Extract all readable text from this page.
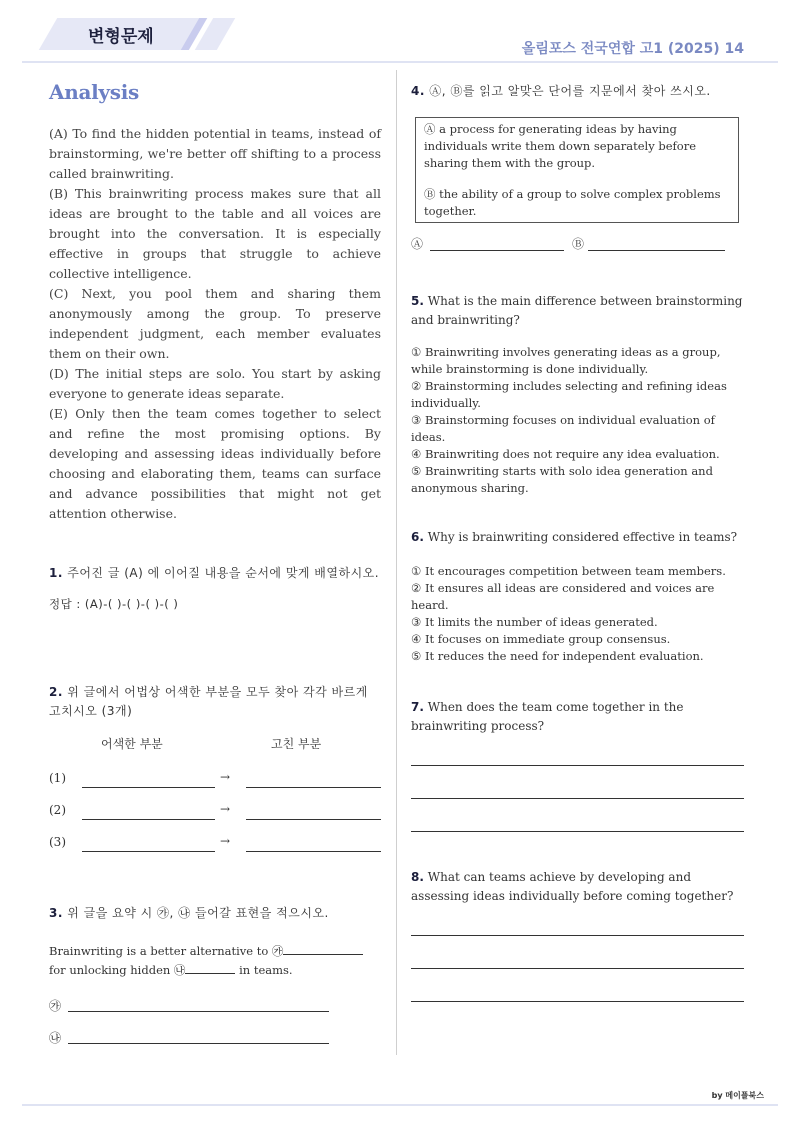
변형문제
올림포스 전국연합 고1 (2025) 14
Analysis

(A) To find the hidden potential in teams, instead of brainstorming, we're better off shifting to a process called brainwriting.

(B) This brainwriting process makes sure that all ideas are brought to the table and all voices are brought into the conversation. It is especially effective in groups that struggle to achieve collective intelligence.

(C) Next, you pool them and sharing them anonymously among the group. To preserve independent judgment, each member evaluates them on their own.

(D) The initial steps are solo. You start by asking everyone to generate ideas separate.

(E) Only then the team comes together to select and refine the most promising options. By developing and assessing ideas individually before choosing and elaborating them, teams can surface and advance possibilities that might not get attention otherwise.

1. 주어진 글 (A) 에 이어질 내용을 순서에 맞게 배열하시오.

정답 : (A)-( )-( )-( )-( )

2. 위 글에서 어법상 어색한 부분을 모두 찾아 각각 바르게 고치시오 (3개)

어색한 부분	고친 부분
(1)	→
(2)	→
(3)	→

3. 위 글을 요약 시 ㉮, ㉯ 들어갈 표현을 적으시오.

Brainwriting is a better alternative to ㉮
for unlocking hidden ㉯	in teams.
㉮
㉯

4. Ⓐ, Ⓑ를 읽고 알맞은 단어를 지문에서 찾아 쓰시오.

Ⓐ a process for generating ideas by having individuals write them down separately before sharing them with the group.
Ⓑ the ability of a group to solve complex problems together.
Ⓐ	Ⓑ

5. What is the main difference between brainstorming and brainwriting?

① Brainwriting involves generating ideas as a group, while brainstorming is done individually.

② Brainstorming includes selecting and refining ideas individually.

③ Brainstorming focuses on individual evaluation of ideas.

④ Brainwriting does not require any idea evaluation.

⑤ Brainwriting starts with solo idea generation and anonymous sharing.

6. Why is brainwriting considered effective in teams?

① It encourages competition between team members.

② It ensures all ideas are considered and voices are heard.

③ It limits the number of ideas generated.

④ It focuses on immediate group consensus.

⑤ It reduces the need for independent evaluation.

7. When does the team come together in the brainwriting process?

8. What can teams achieve by developing and assessing ideas individually before coming together?

by 메이플북스
